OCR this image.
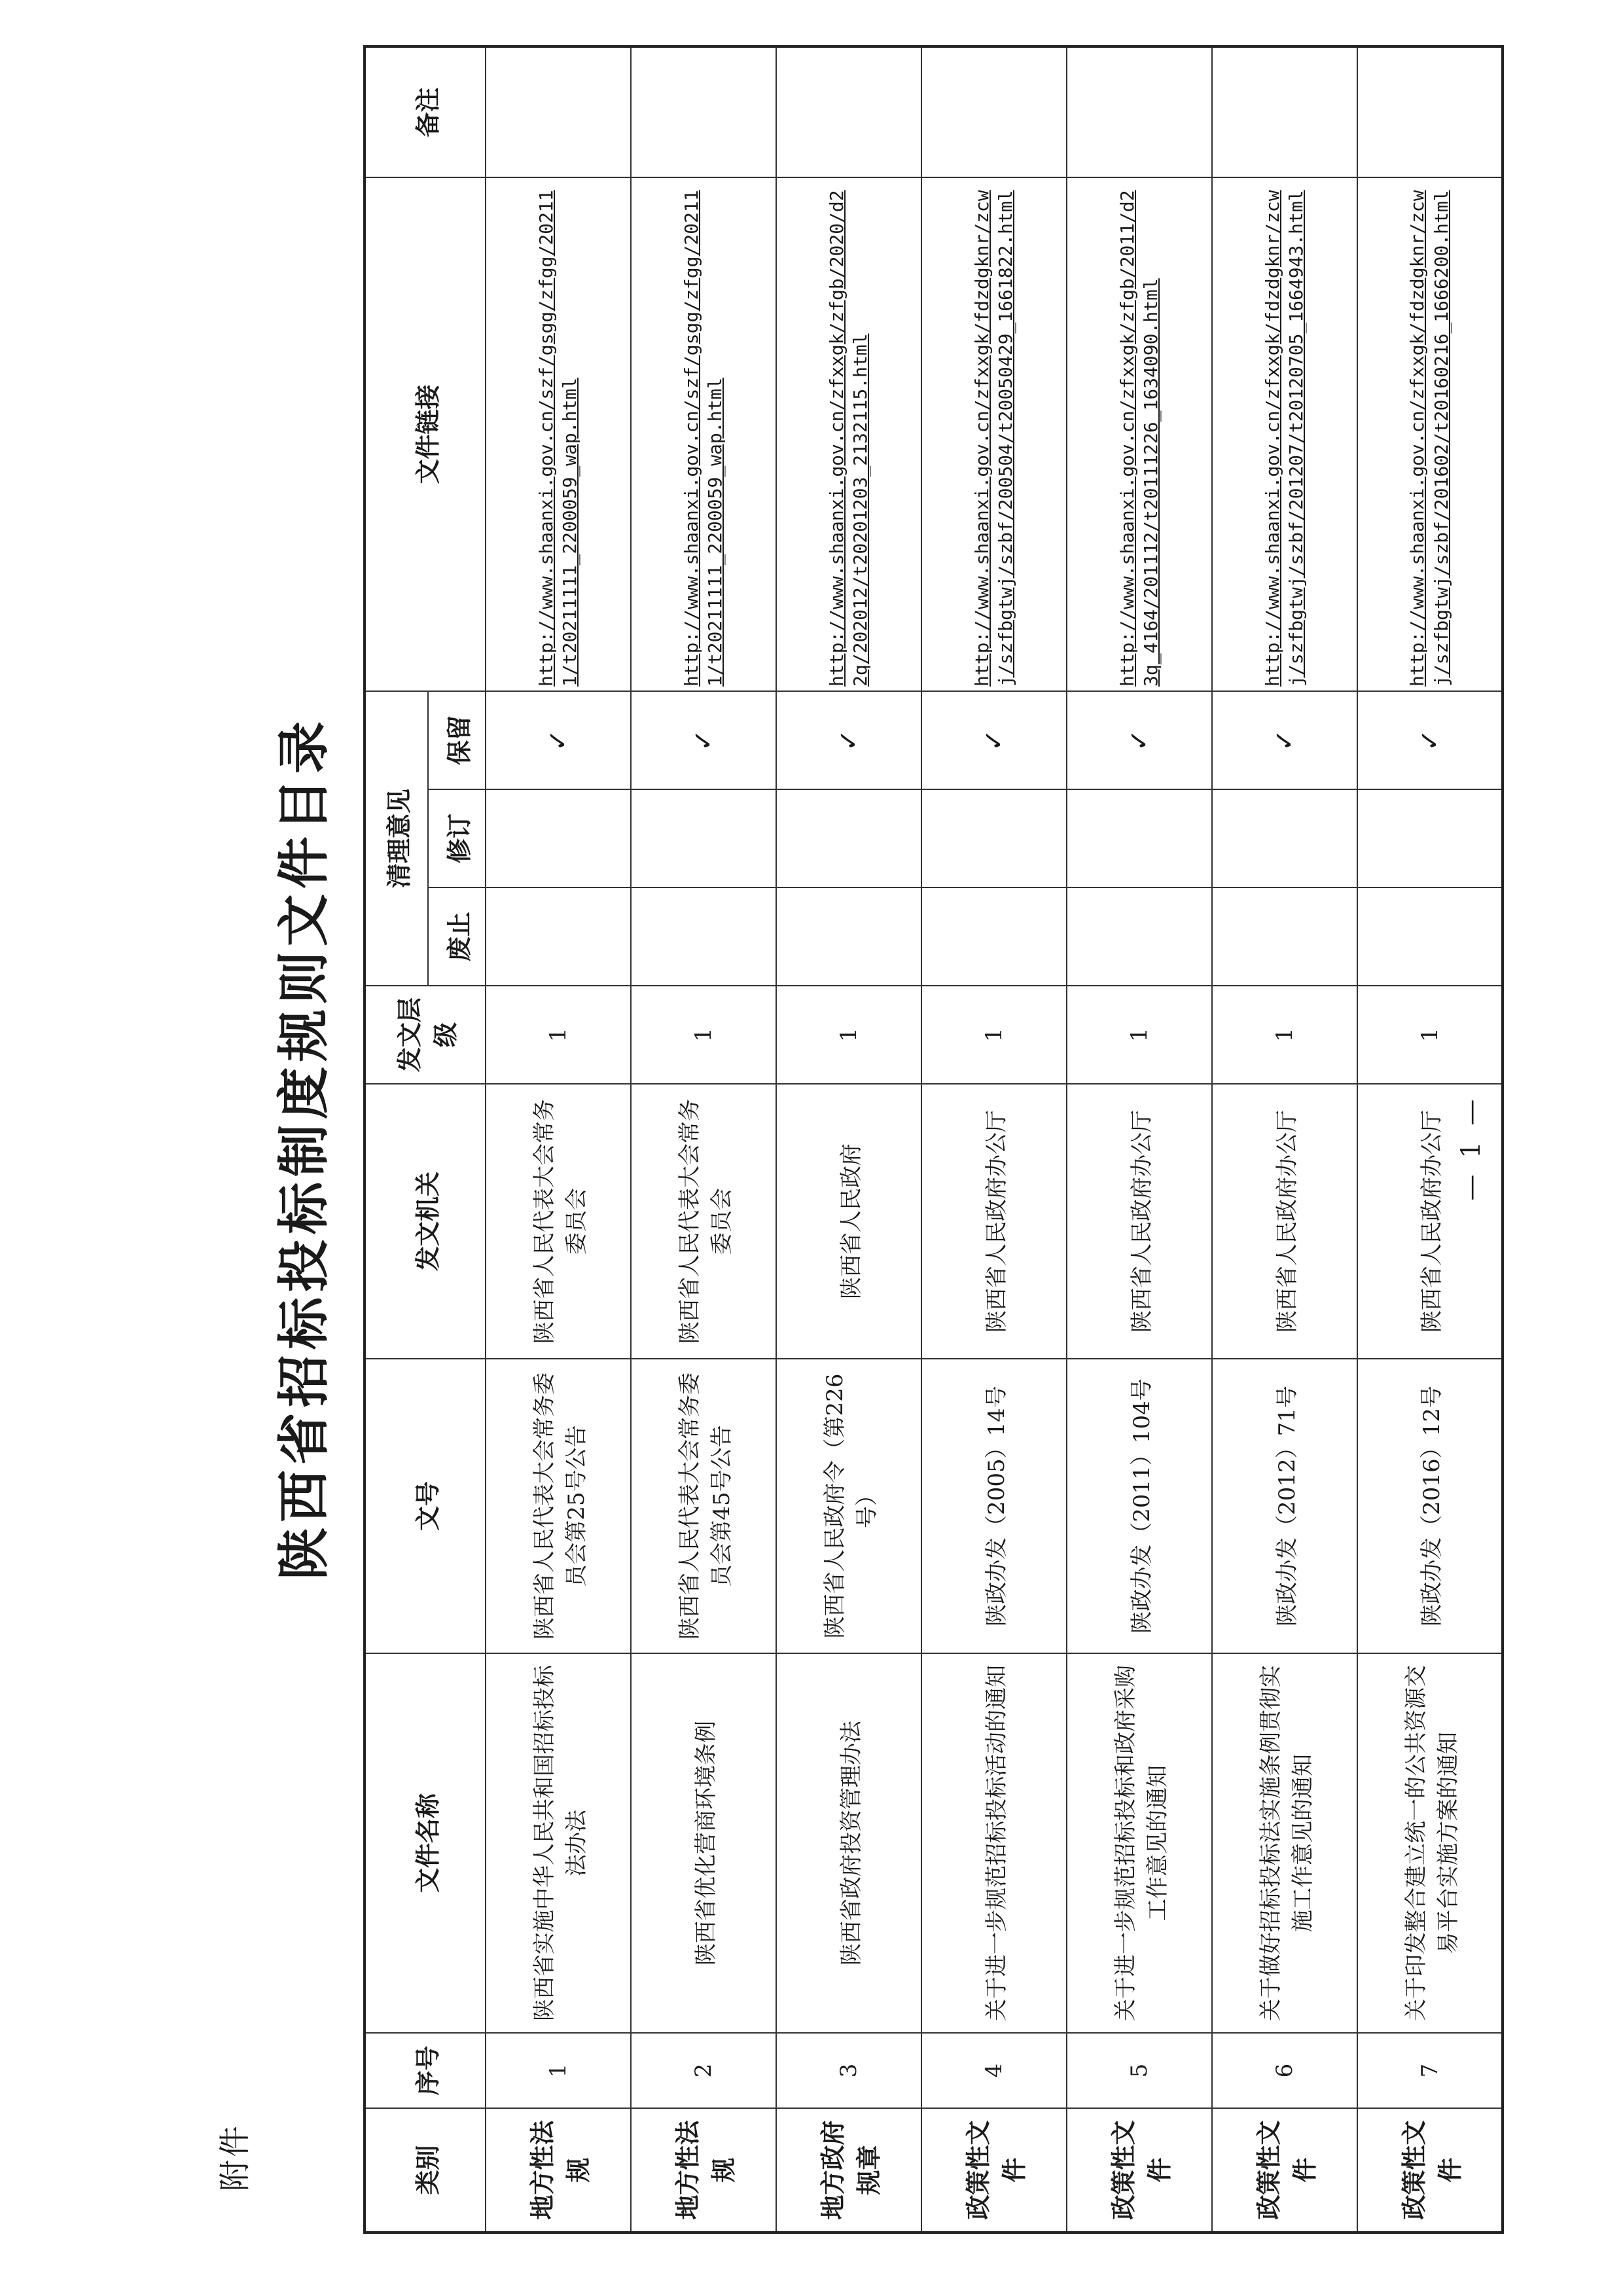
附件
陕西省招标投标制度规则文件目录
类别	序号	文件名称	文号	发文机关	发文层级	清理意见			文件链接	备注
						废止	修订	保留		
地方性法规	1	陕西省实施中华人民共和国招标投标法办法	陕西省人民代表大会常务委员会第25号公告	陕西省人民代表大会常务委员会	1			✓	http://www.shaanxi.gov.cn/szf/gsgg/zfgg/202111/t20211111_2200059_wap.html	
地方性法规	2	陕西省优化营商环境条例	陕西省人民代表大会常务委员会第45号公告	陕西省人民代表大会常务委员会	1			✓	http://www.shaanxi.gov.cn/szf/gsgg/zfgg/202111/t20211111_2200059_wap.html	
地方政府规章	3	陕西省政府投资管理办法	陕西省人民政府令（第226号）	陕西省人民政府	1			✓	http://www.shaanxi.gov.cn/zfxxgk/zfgb/2020/d22q/202012/t20201203_2132115.html	
政策性文件	4	关于进一步规范招标投标活动的通知	陕政办发（2005）14号	陕西省人民政府办公厅	1			✓	http://www.shaanxi.gov.cn/zfxxgk/fdzdgknr/zcwj/szfbgtwj/szbf/200504/t20050429_1661822.html	
政策性文件	5	关于进一步规范招标投标和政府采购工作意见的通知	陕政办发（2011）104号	陕西省人民政府办公厅	1			✓	http://www.shaanxi.gov.cn/zfxxgk/zfgb/2011/d23q_4164/201112/t20111226_1634090.html	
政策性文件	6	关于做好招标投标法实施条例贯彻实施工作意见的通知	陕政办发（2012）71号	陕西省人民政府办公厅	1			✓	http://www.shaanxi.gov.cn/zfxxgk/fdzdgknr/zcwj/szfbgtwj/szbf/201207/t20120705_1664943.html	
政策性文件	7	关于印发整合建立统一的公共资源交易平台实施方案的通知	陕政办发（2016）12号	陕西省人民政府办公厅	1			✓	http://www.shaanxi.gov.cn/zfxxgk/fdzdgknr/zcwj/szfbgtwj/szbf/201602/t20160216_1666200.html	
— 1 —
